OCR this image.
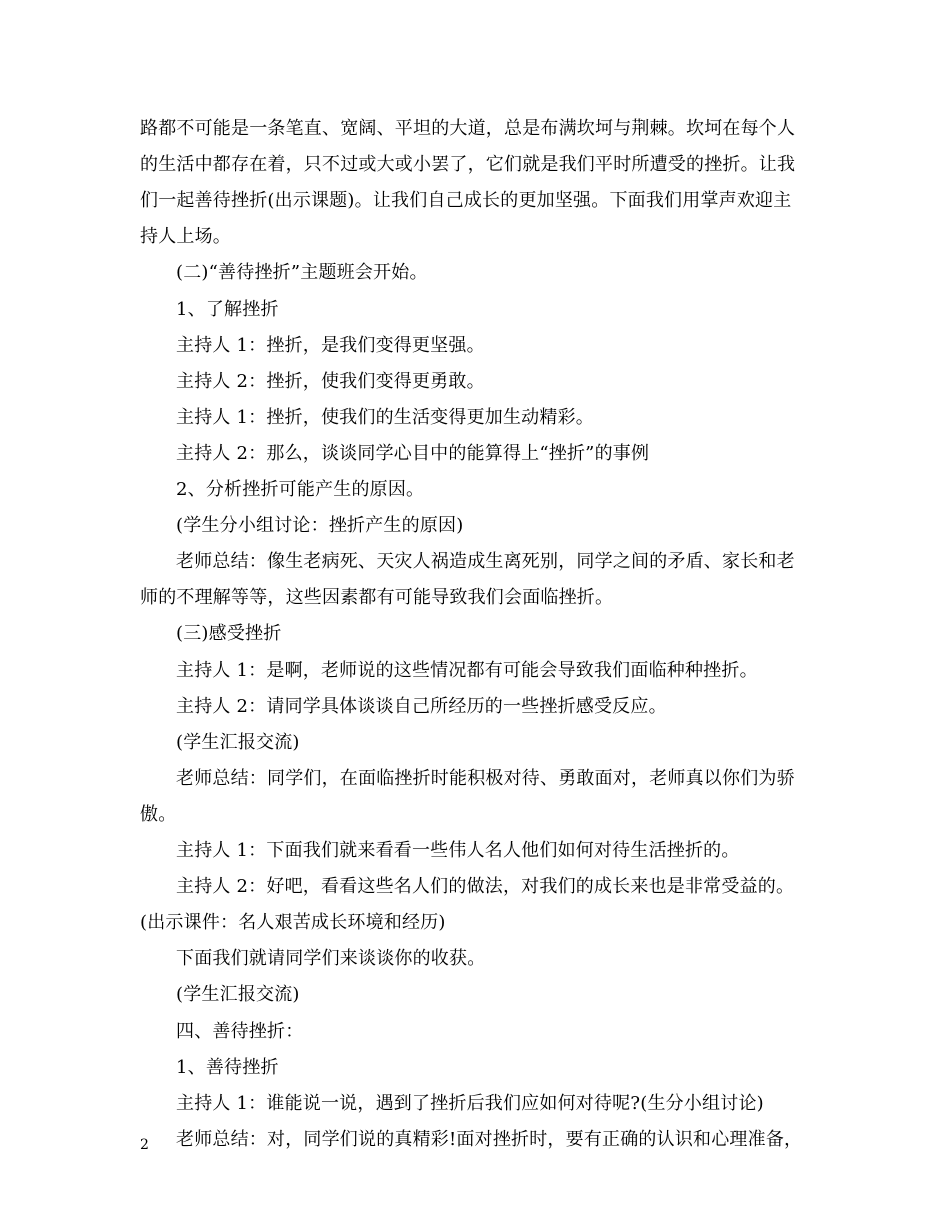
路都不可能是一条笔直、宽阔、平坦的大道，总是布满坎坷与荆棘。坎坷在每个人
的生活中都存在着，只不过或大或小罢了，它们就是我们平时所遭受的挫折。让我
们一起善待挫折(出示课题)。让我们自己成长的更加坚强。下面我们用掌声欢迎主
持人上场。
(二)“善待挫折”主题班会开始。
1、了解挫折
主持人 1：挫折，是我们变得更坚强。
主持人 2：挫折，使我们变得更勇敢。
主持人 1：挫折，使我们的生活变得更加生动精彩。
主持人 2：那么，谈谈同学心目中的能算得上“挫折”的事例
2、分析挫折可能产生的原因。
(学生分小组讨论：挫折产生的原因)
老师总结：像生老病死、天灾人祸造成生离死别，同学之间的矛盾、家长和老
师的不理解等等，这些因素都有可能导致我们会面临挫折。
(三)感受挫折
主持人 1：是啊，老师说的这些情况都有可能会导致我们面临种种挫折。
主持人 2：请同学具体谈谈自己所经历的一些挫折感受反应。
(学生汇报交流)
老师总结：同学们，在面临挫折时能积极对待、勇敢面对，老师真以你们为骄
傲。
主持人 1：下面我们就来看看一些伟人名人他们如何对待生活挫折的。
主持人 2：好吧，看看这些名人们的做法，对我们的成长来也是非常受益的。
(出示课件：名人艰苦成长环境和经历)
下面我们就请同学们来谈谈你的收获。
(学生汇报交流)
四、善待挫折：
1、善待挫折
主持人 1：谁能说一说，遇到了挫折后我们应如何对待呢?(生分小组讨论)
老师总结：对，同学们说的真精彩!面对挫折时，要有正确的认识和心理准备，
2
